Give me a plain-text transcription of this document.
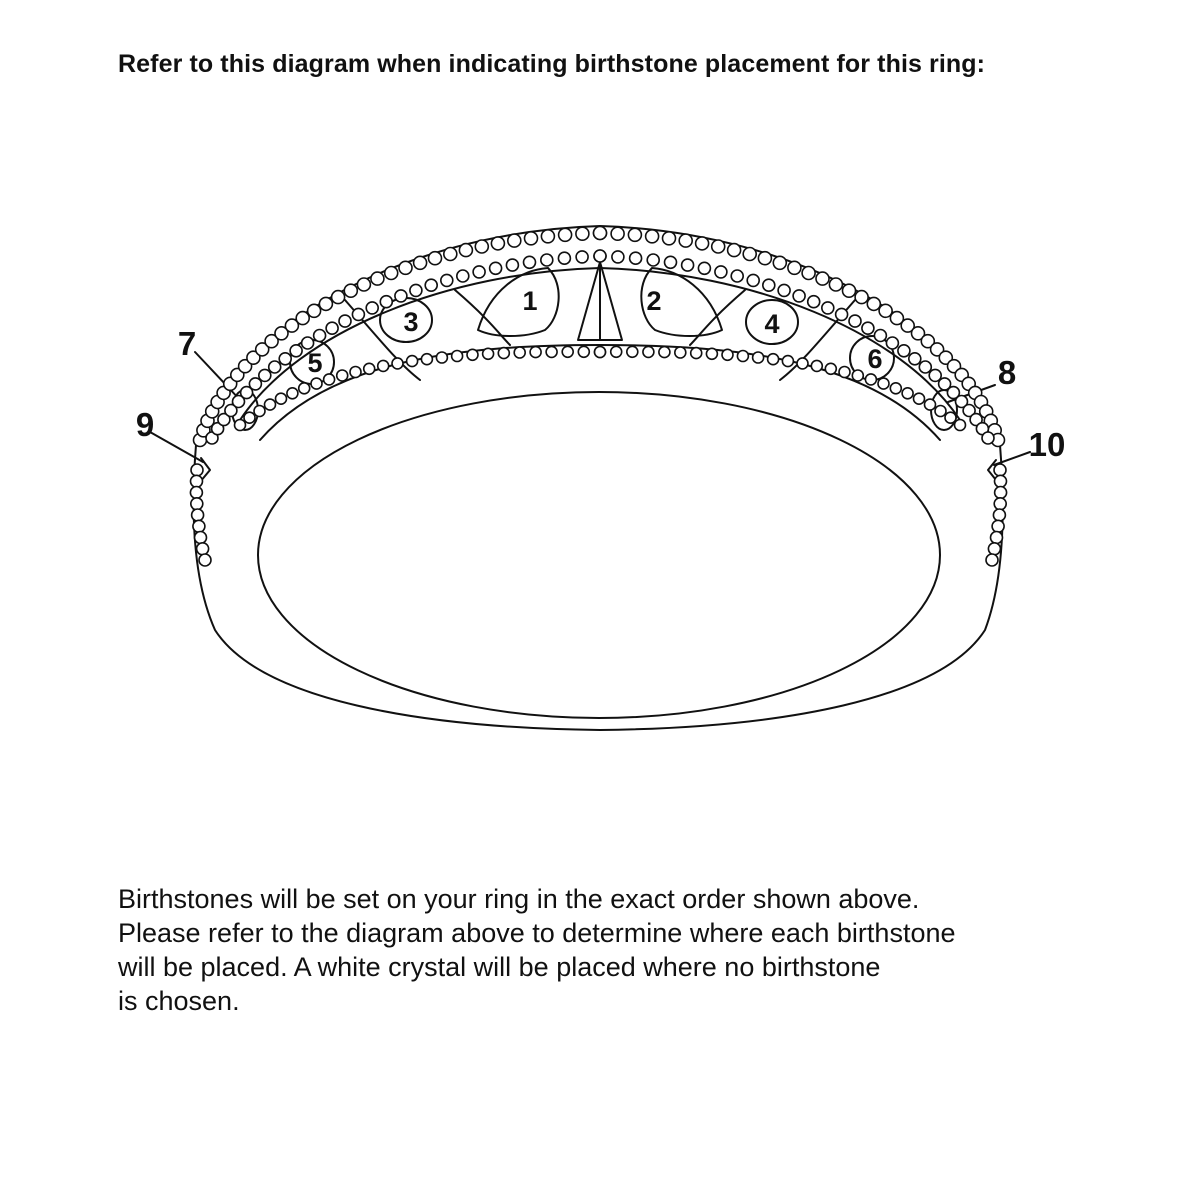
Refer to this diagram when indicating birthstone placement for this ring:
1	2
3	4
5	6
7
8
9
10

Birthstones will be set on your ring in the exact order shown above.
Please refer to the diagram above to determine where each birthstone
will be placed. A white crystal will be placed where no birthstone
is chosen.
